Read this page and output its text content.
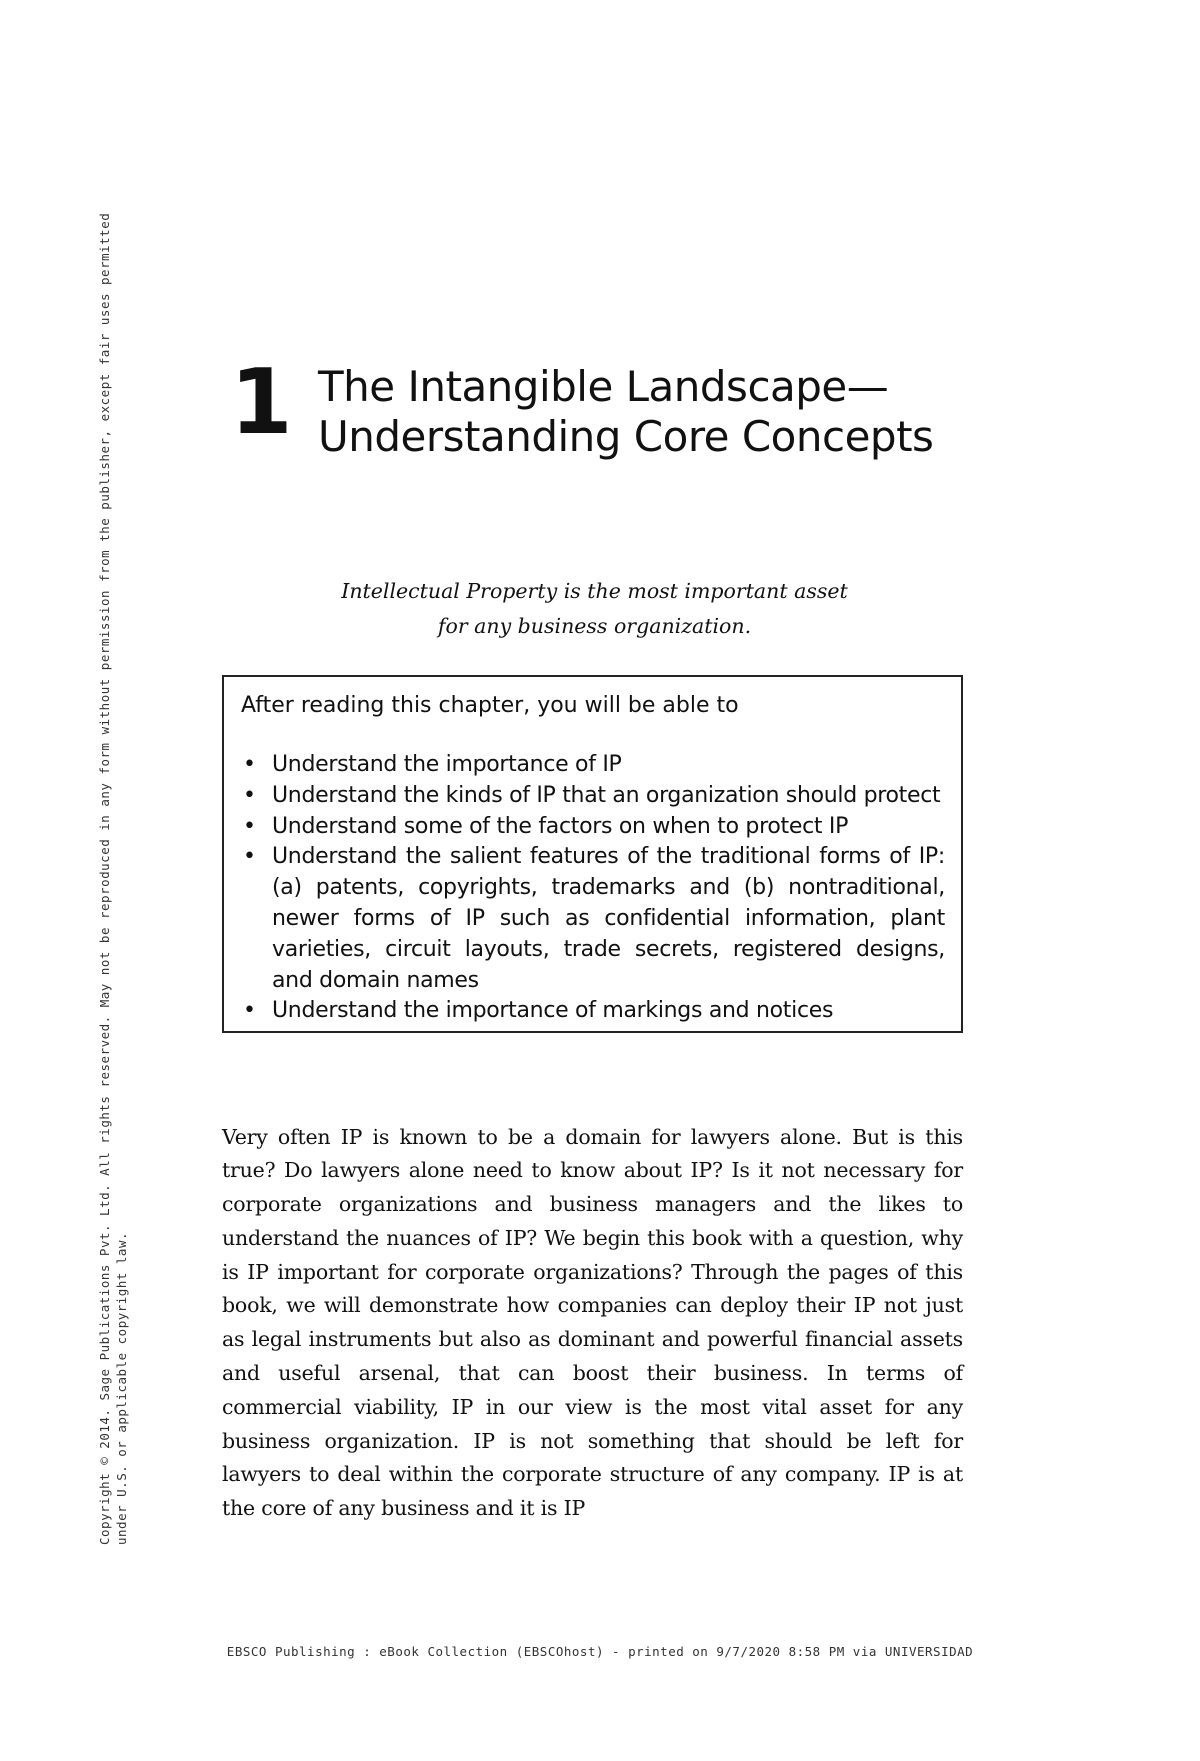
Copyright © 2014. Sage Publications Pvt. Ltd. All rights reserved. May not be reproduced in any form without permission from the publisher, except fair uses permitted under U.S. or applicable copyright law.
1 The Intangible Landscape—
Understanding Core Concepts
Intellectual Property is the most important asset
for any business organization.
After reading this chapter, you will be able to
• Understand the importance of IP
• Understand the kinds of IP that an organization should protect
• Understand some of the factors on when to protect IP
• Understand the salient features of the traditional forms of IP: (a) patents, copyrights, trademarks and (b) nontraditional, newer forms of IP such as confidential information, plant varieties, circuit layouts, trade secrets, registered designs, and domain names
• Understand the importance of markings and notices

Very often IP is known to be a domain for lawyers alone. But is this true? Do lawyers alone need to know about IP? Is it not necessary for corporate organizations and business managers and the likes to understand the nuances of IP? We begin this book with a question, why is IP important for corporate organizations? Through the pages of this book, we will demonstrate how companies can deploy their IP not just as legal instruments but also as dominant and powerful financial assets and useful arsenal, that can boost their business. In terms of commercial viability, IP in our view is the most vital asset for any business organization. IP is not something that should be left for lawyers to deal within the corporate structure of any company. IP is at the core of any business and it is IP

EBSCO Publishing : eBook Collection (EBSCOhost) - printed on 9/7/2020 8:58 PM via UNIVERSIDAD
